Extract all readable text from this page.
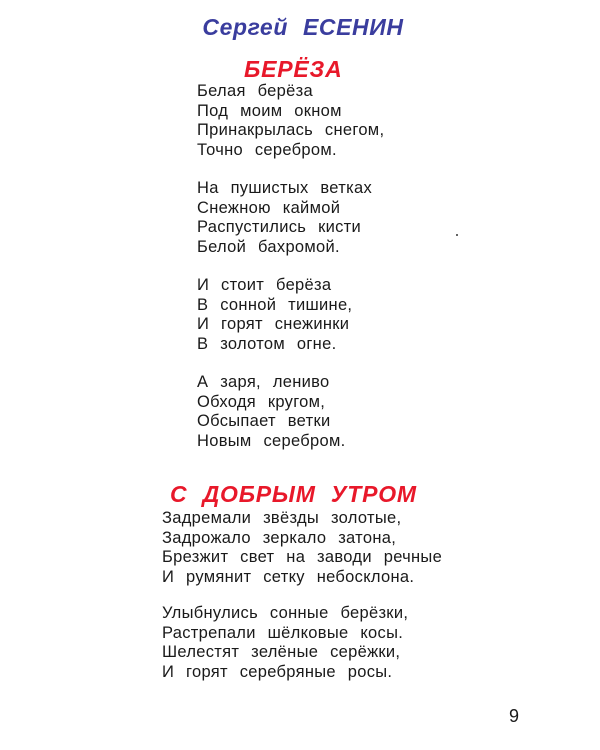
Сергей ЕСЕНИН
БЕРЁЗА
Белая берёза
Под моим окном
Принакрылась снегом,
Точно серебром.
На пушистых ветках
Снежною каймой
Распустились кисти
Белой бахромой.
И стоит берёза
В сонной тишине,
И горят снежинки
В золотом огне.
А заря, лениво
Обходя кругом,
Обсыпает ветки
Новым серебром.
С ДОБРЫМ УТРОМ
Задремали звёзды золотые,
Задрожало зеркало затона,
Брезжит свет на заводи речные
И румянит сетку небосклона.
Улыбнулись сонные берёзки,
Растрепали шёлковые косы.
Шелестят зелёные серёжки,
И горят серебряные росы.
9
